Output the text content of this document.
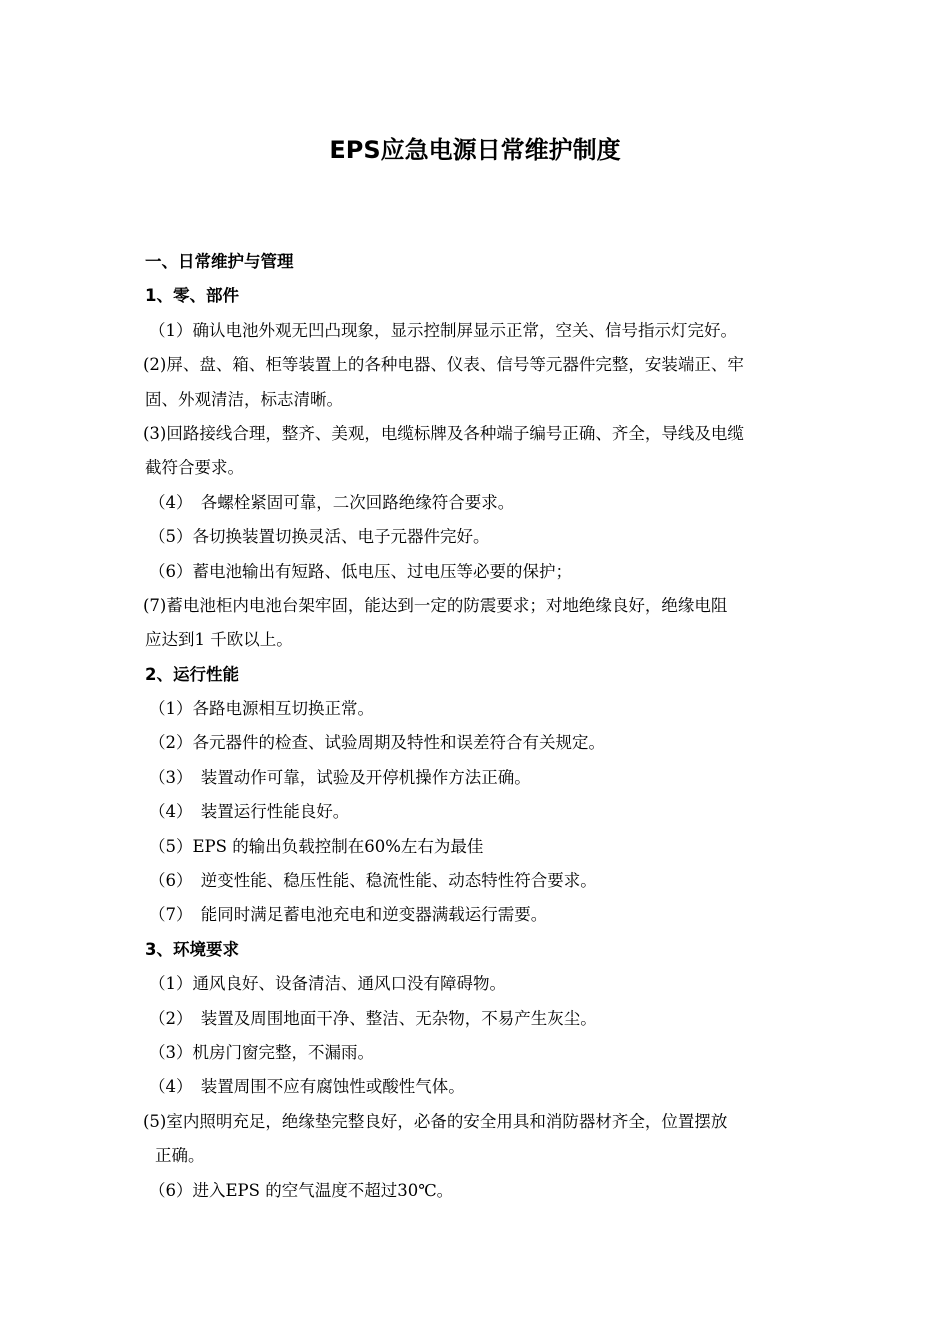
EPS应急电源日常维护制度
一、日常维护与管理
1、零、部件
（1）确认电池外观无凹凸现象，显示控制屏显示正常，空关、信号指示灯完好。
(2)屏、盘、箱、柜等装置上的各种电器、仪表、信号等元器件完整，安装端正、牢
固、外观清洁，标志清晰。
(3)回路接线合理，整齐、美观，电缆标牌及各种端子编号正确、齐全，导线及电缆
截符合要求。
（4）　各螺栓紧固可靠，二次回路绝缘符合要求。
（5）各切换装置切换灵活、电子元器件完好。
（6）蓄电池输出有短路、低电压、过电压等必要的保护；
(7)蓄电池柜内电池台架牢固，能达到一定的防震要求；对地绝缘良好，绝缘电阻
应达到1 千欧以上。
2、运行性能
（1）各路电源相互切换正常。
（2）各元器件的检查、试验周期及特性和误差符合有关规定。
（3）　装置动作可靠，试验及开停机操作方法正确。
（4）　装置运行性能良好。
（5）EPS 的输出负载控制在60%左右为最佳
（6）　逆变性能、稳压性能、稳流性能、动态特性符合要求。
（7）　能同时满足蓄电池充电和逆变器满载运行需要。
3、环境要求
（1）通风良好、设备清洁、通风口没有障碍物。
（2）　装置及周围地面干净、整洁、无杂物，不易产生灰尘。
（3）机房门窗完整，不漏雨。
（4）　装置周围不应有腐蚀性或酸性气体。
(5)室内照明充足，绝缘垫完整良好，必备的安全用具和消防器材齐全，位置摆放
正确。
（6）进入EPS 的空气温度不超过30℃。
